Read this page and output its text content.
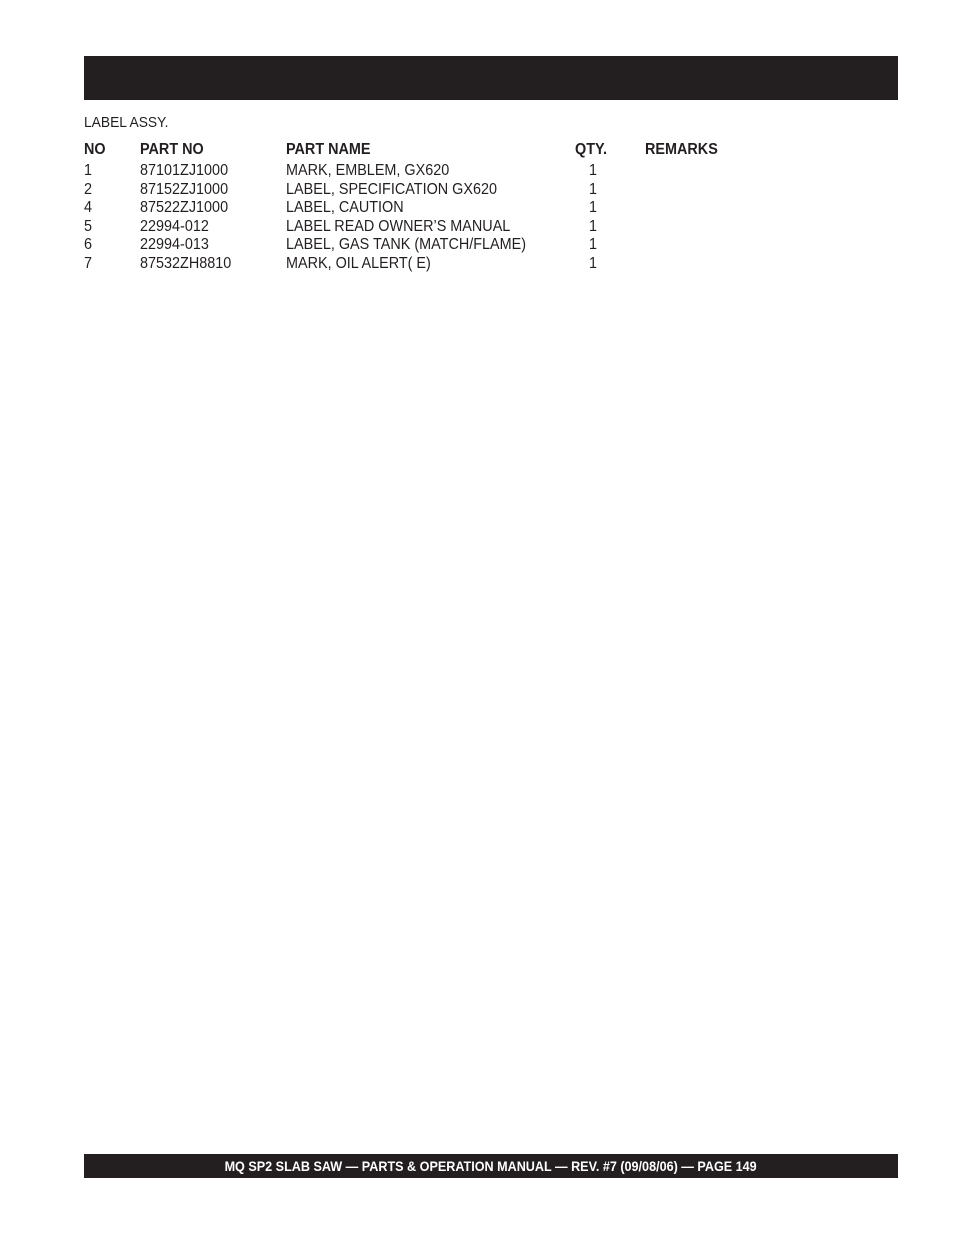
LABEL ASSY.
NO	PART NO	PART NAME	QTY.	REMARKS
1	87101ZJ1000	MARK, EMBLEM, GX620	1	
2	87152ZJ1000	LABEL, SPECIFICATION GX620	1	
4	87522ZJ1000	LABEL, CAUTION	1	
5	22994-012	LABEL READ OWNER’S MANUAL	1	
6	22994-013	LABEL, GAS TANK (MATCH/FLAME)	1	
7	87532ZH8810	MARK, OIL ALERT( E)	1	
MQ SP2 SLAB SAW — PARTS & OPERATION MANUAL — REV. #7 (09/08/06) — PAGE 149
